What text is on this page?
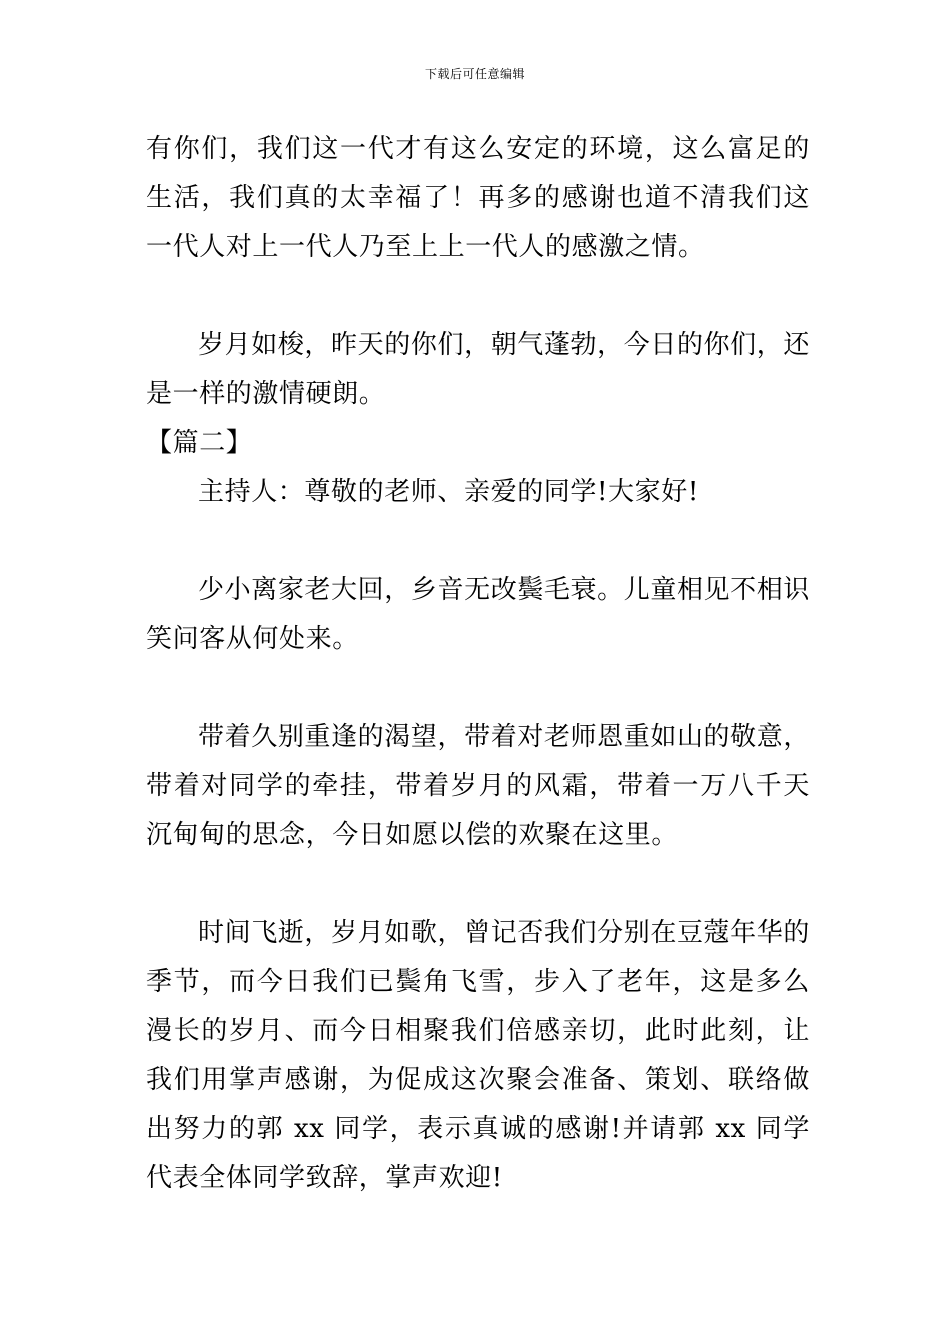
下载后可任意编辑

有你们，我们这一代才有这么安定的环境，这么富足的生活，我们真的太幸福了！再多的感谢也道不清我们这一代人对上一代人乃至上上一代人的感激之情。

岁月如梭，昨天的你们，朝气蓬勃，今日的你们，还是一样的激情硬朗。

【篇二】

主持人：尊敬的老师、亲爱的同学!大家好!

少小离家老大回，乡音无改鬓毛衰。儿童相见不相识笑问客从何处来。

带着久别重逢的渴望，带着对老师恩重如山的敬意，带着对同学的牵挂，带着岁月的风霜，带着一万八千天沉甸甸的思念，今日如愿以偿的欢聚在这里。

时间飞逝，岁月如歌，曾记否我们分别在豆蔻年华的季节，而今日我们已鬓角飞雪，步入了老年，这是多么漫长的岁月、而今日相聚我们倍感亲切，此时此刻，让我们用掌声感谢，为促成这次聚会准备、策划、联络做出努力的郭 xx 同学，表示真诚的感谢!并请郭 xx 同学代表全体同学致辞，掌声欢迎!
